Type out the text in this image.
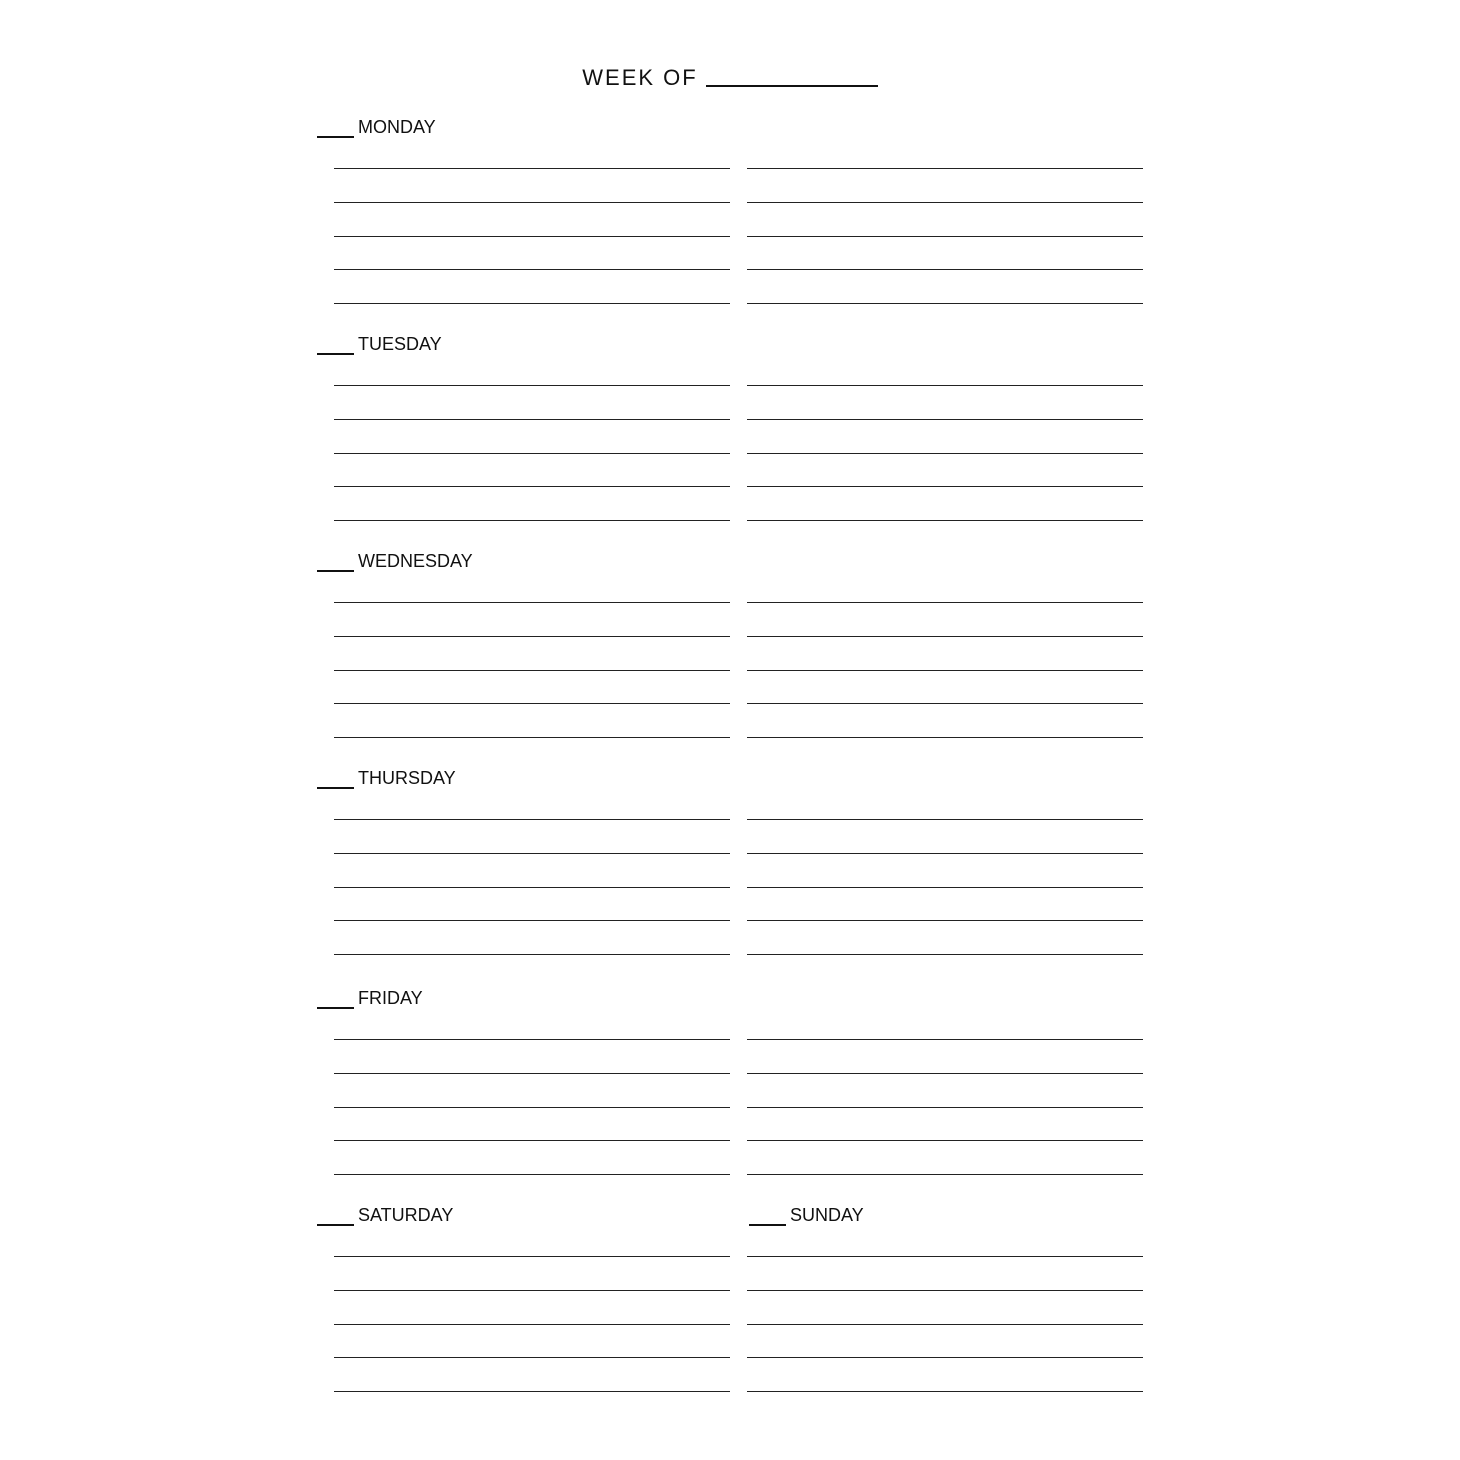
WEEK OF
MONDAY
TUESDAY
WEDNESDAY
THURSDAY
FRIDAY
SATURDAY	SUNDAY
